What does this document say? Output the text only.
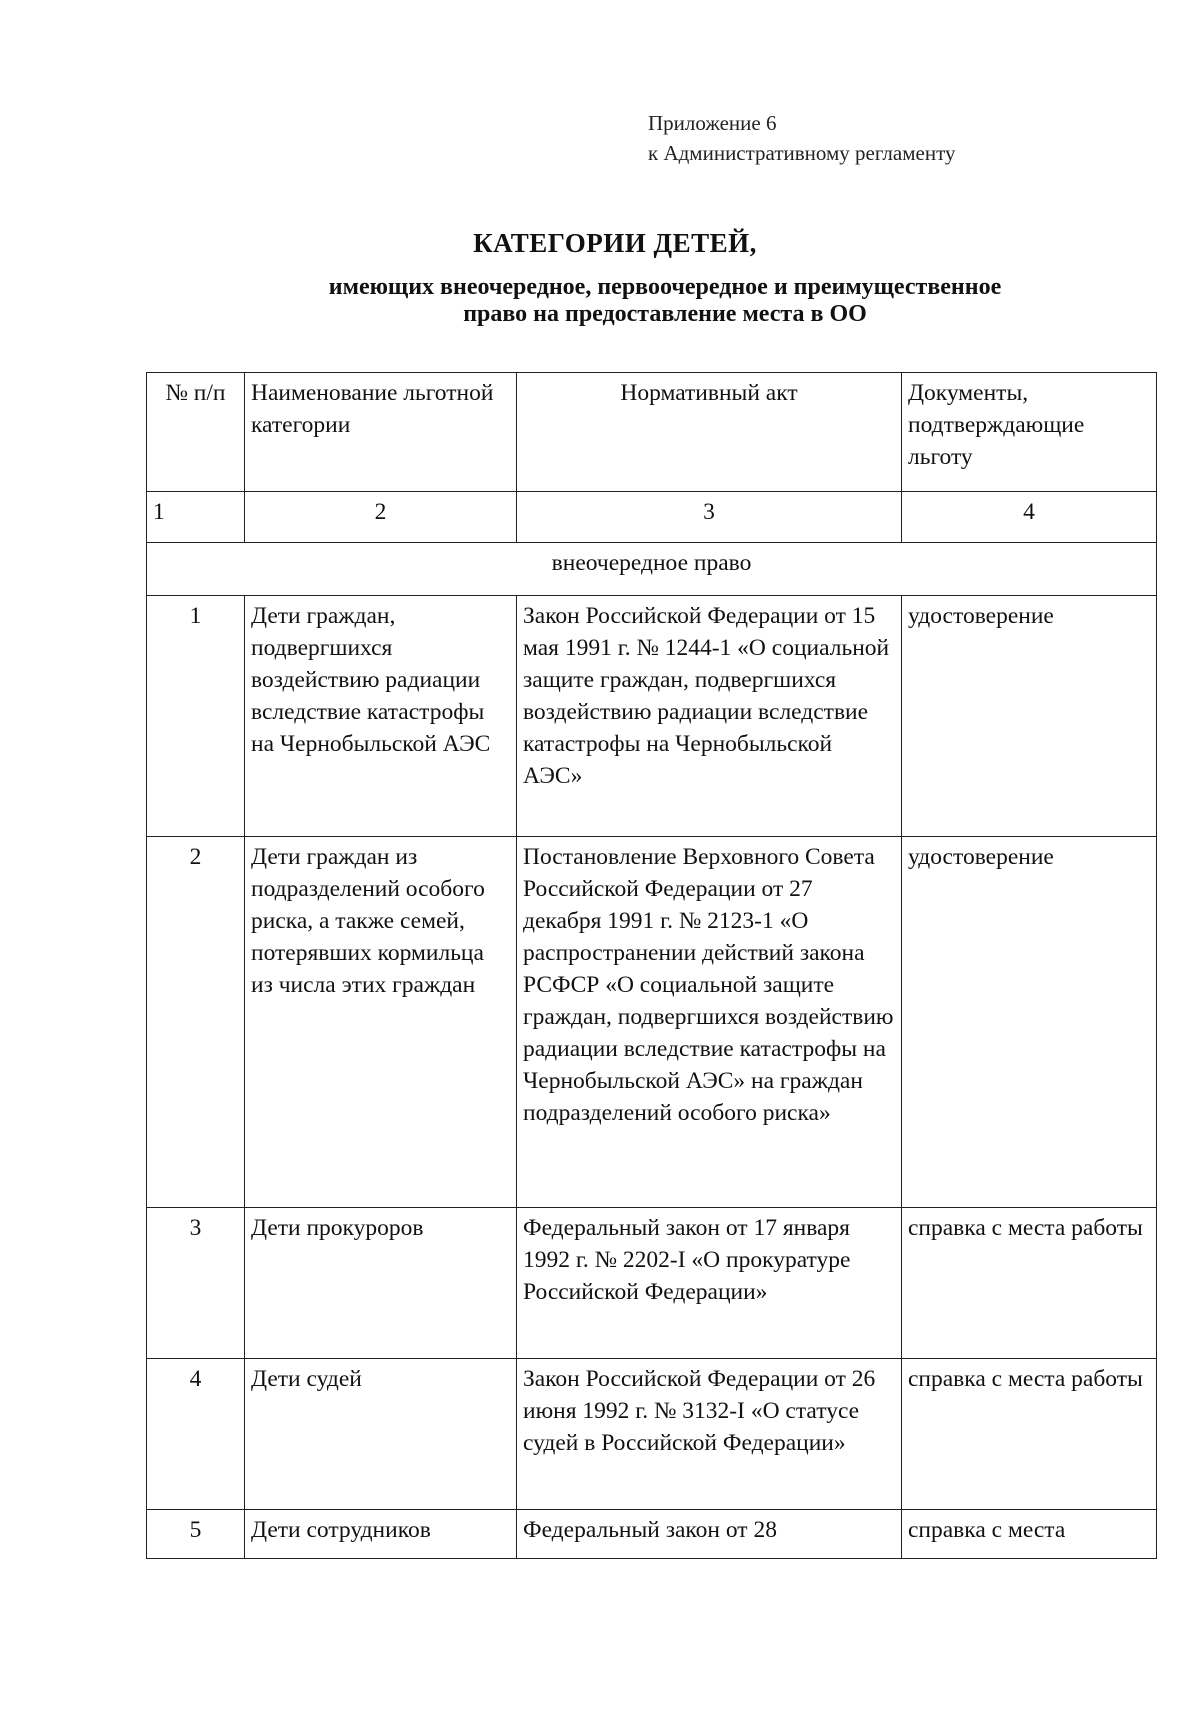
Приложение 6
к Административному регламенту
КАТЕГОРИИ ДЕТЕЙ,
имеющих внеочередное, первоочередное и преимущественное
право на предоставление места в ОО
№ п/п	Наименование льготной категории	Нормативный акт	Документы, подтверждающие льготу
1	2	3	4
внеочередное право			
1	Дети граждан, подвергшихся воздействию радиации вследствие катастрофы на Чернобыльской АЭС	Закон Российской Федерации от 15 мая 1991 г. № 1244-1 «О социальной защите граждан, подвергшихся воздействию радиации вследствие катастрофы на Чернобыльской АЭС»	удостоверение
2	Дети граждан из подразделений особого риска, а также семей, потерявших кормильца из числа этих граждан	Постановление Верховного Совета Российской Федерации от 27 декабря 1991 г. № 2123-1 «О распространении действий закона РСФСР «О социальной защите граждан, подвергшихся воздействию радиации вследствие катастрофы на Чернобыльской АЭС» на граждан подразделений особого риска»	удостоверение
3	Дети прокуроров	Федеральный закон от 17 января 1992 г. № 2202-I «О прокуратуре Российской Федерации»	справка с места работы
4	Дети судей	Закон Российской Федерации от 26 июня 1992 г. № 3132-I «О статусе судей в Российской Федерации»	справка с места работы
5	Дети сотрудников	Федеральный закон от 28	справка с места
